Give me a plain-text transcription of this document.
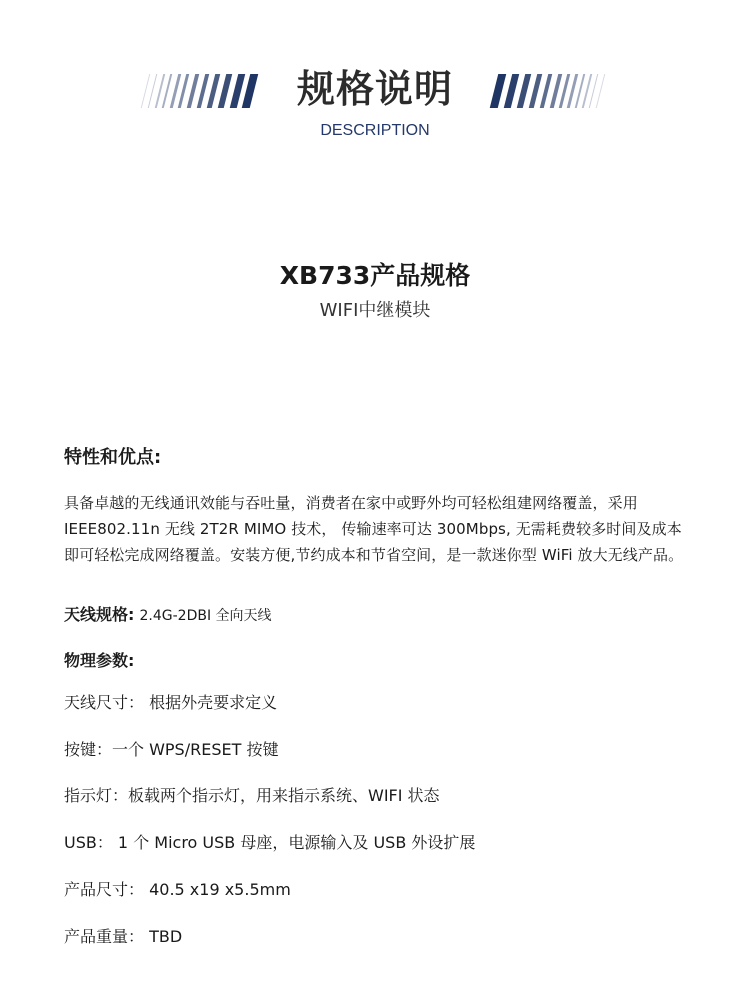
规格说明
DESCRIPTION
XB733产品规格
WIFI中继模块
特性和优点:

具备卓越的无线通讯效能与吞吐量，消费者在家中或野外均可轻松组建网络覆盖，采用 IEEE802.11n 无线 2T2R MIMO 技术， 传输速率可达 300Mbps, 无需耗费较多时间及成本即可轻松完成网络覆盖。安装方便,节约成本和节省空间，是一款迷你型 WiFi 放大无线产品。

天线规格: 2.4G-2DBI 全向天线
物理参数:
天线尺寸： 根据外壳要求定义
按键：一个 WPS/RESET 按键
指示灯：板载两个指示灯，用来指示系统、WIFI 状态
USB： 1 个 Micro USB 母座，电源输入及 USB 外设扩展
产品尺寸： 40.5 x19 x5.5mm
产品重量： TBD
